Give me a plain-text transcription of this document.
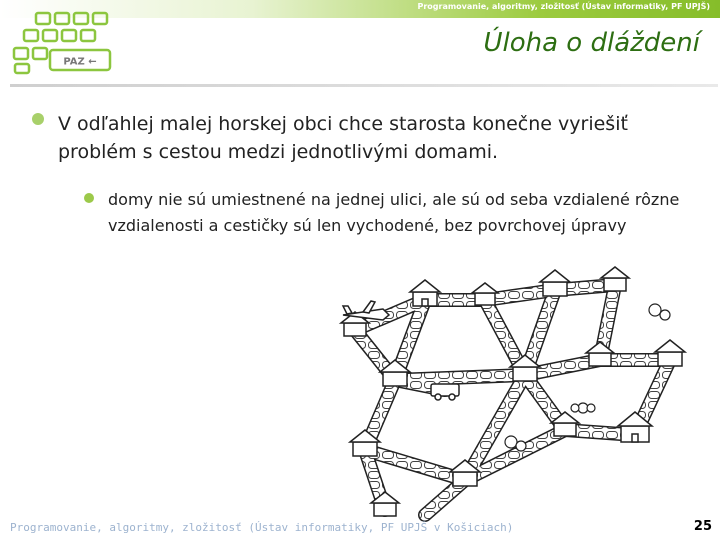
Programovanie, algoritmy, zložitosť (Ústav informatiky, PF UPJŠ)
PAZ ←
Úloha o dláždení
V odľahlej malej horskej obci chce starosta konečne vyriešiť problém s cestou medzi jednotlivými domami.
domy nie sú umiestnené na jednej ulici, ale sú od seba vzdialené rôzne vzdialenosti a cestičky sú len vychodené, bez povrchovej úpravy
Programovanie, algoritmy, zložitosť (Ústav informatiky, PF UPJŠ v Košiciach)	25
